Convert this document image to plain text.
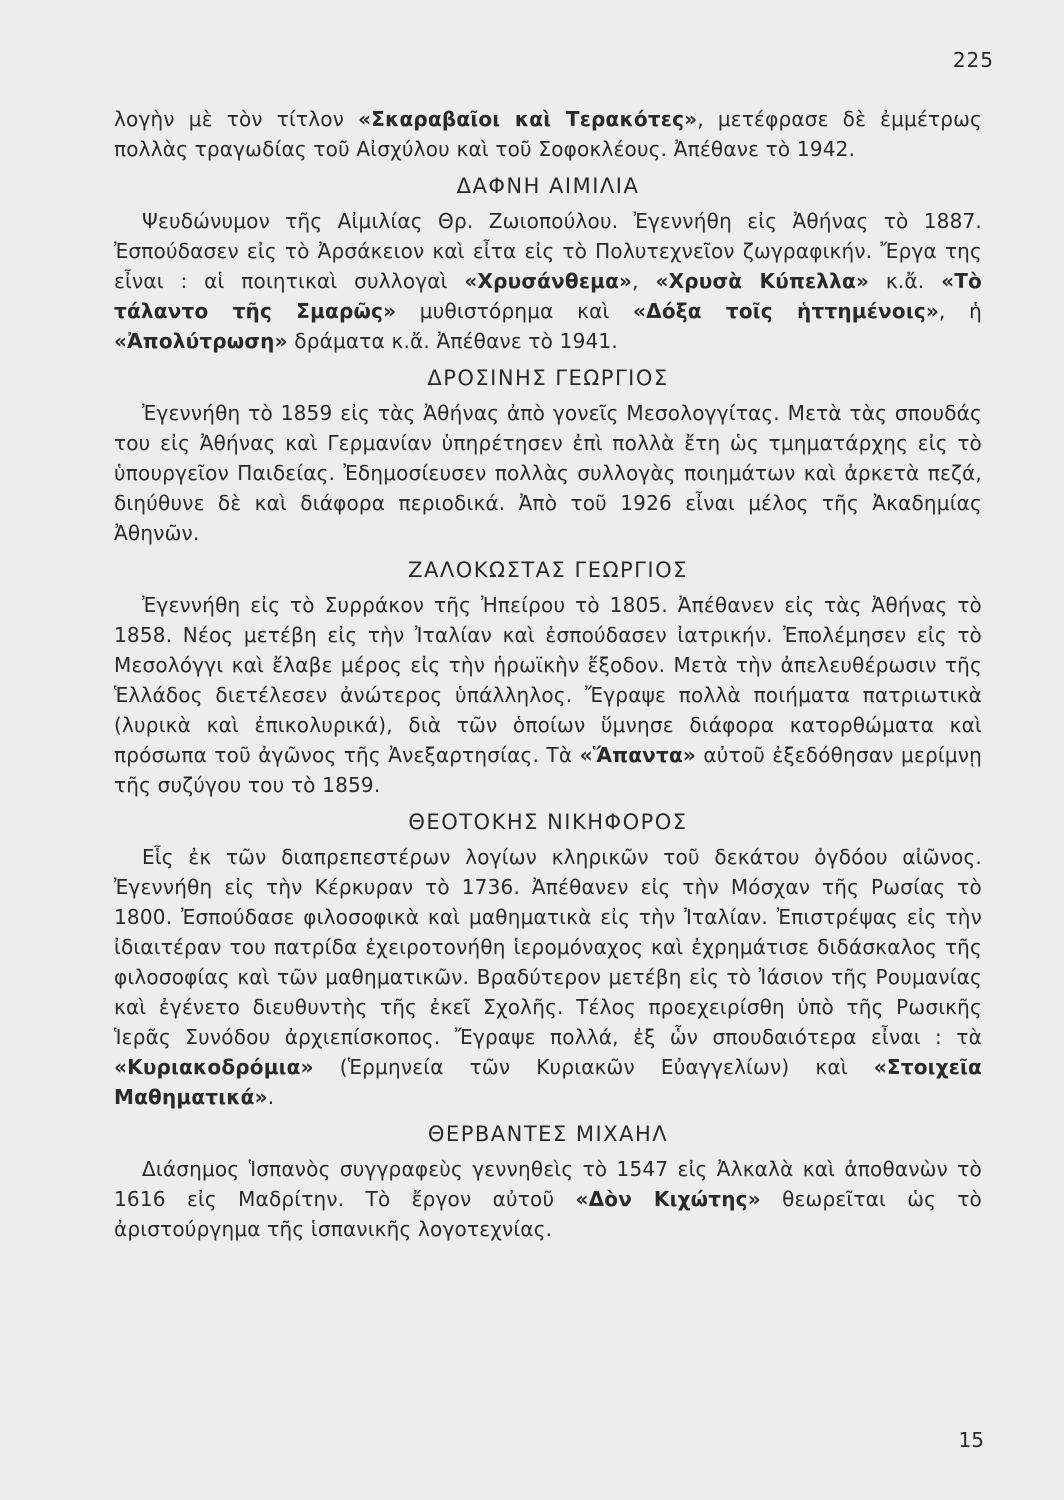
225

λογὴν μὲ τὸν τίτλον «Σκαραβαῖοι καὶ Τερακότες», μετέφρασε δὲ ἐμμέτρως πολλὰς τραγωδίας τοῦ Αἰσχύλου καὶ τοῦ Σοφοκλέους. Ἀπέθανε τὸ 1942.

ΔΑΦΝΗ ΑΙΜΙΛΙΑ

Ψευδώνυμον τῆς Αἰμιλίας Θρ. Ζωιοπούλου. Ἐγεννήθη εἰς Ἀθήνας τὸ 1887. Ἐσπούδασεν εἰς τὸ Ἀρσάκειον καὶ εἶτα εἰς τὸ Πολυτεχνεῖον ζωγραφικήν. Ἔργα της εἶναι : αἱ ποιητικαὶ συλλογαὶ «Χρυσάνθεμα», «Χρυσὰ Κύπελλα» κ.ἄ. «Τὸ τάλαντο τῆς Σμαρῶς» μυθιστόρημα καὶ «Δόξα τοῖς ἡττημένοις», ἡ «Ἀπολύτρωση» δράματα κ.ἄ. Ἀπέθανε τὸ 1941.

ΔΡΟΣΙΝΗΣ ΓΕΩΡΓΙΟΣ

Ἐγεννήθη τὸ 1859 εἰς τὰς Ἀθήνας ἀπὸ γονεῖς Μεσολογγίτας. Μετὰ τὰς σπουδάς του εἰς Ἀθήνας καὶ Γερμανίαν ὑπηρέτησεν ἐπὶ πολλὰ ἔτη ὡς τμηματάρχης εἰς τὸ ὑπουργεῖον Παιδείας. Ἐδημοσίευσεν πολλὰς συλλογὰς ποιημάτων καὶ ἀρκετὰ πεζά, διηύθυνε δὲ καὶ διάφορα περιοδικά. Ἀπὸ τοῦ 1926 εἶναι μέλος τῆς Ἀκαδημίας Ἀθηνῶν.

ΖΑΛΟΚΩΣΤΑΣ ΓΕΩΡΓΙΟΣ

Ἐγεννήθη εἰς τὸ Συρράκον τῆς Ἠπείρου τὸ 1805. Ἀπέθανεν εἰς τὰς Ἀθήνας τὸ 1858. Νέος μετέβη εἰς τὴν Ἰταλίαν καὶ ἐσπούδασεν ἰατρικήν. Ἐπολέμησεν εἰς τὸ Μεσολόγγι καὶ ἔλαβε μέρος εἰς τὴν ἡρωϊκὴν ἔξοδον. Μετὰ τὴν ἀπελευθέρωσιν τῆς Ἑλλάδος διετέλεσεν ἀνώτερος ὑπάλληλος. Ἔγραψε πολλὰ ποιήματα πατριωτικὰ (λυρικὰ καὶ ἐπικολυρικά), διὰ τῶν ὁποίων ὕμνησε διάφορα κατορθώματα καὶ πρόσωπα τοῦ ἀγῶνος τῆς Ἀνεξαρτησίας. Τὰ «Ἅπαντα» αὐτοῦ ἐξεδόθησαν μερίμνῃ τῆς συζύγου του τὸ 1859.

ΘΕΟΤΟΚΗΣ ΝΙΚΗΦΟΡΟΣ

Εἷς ἐκ τῶν διαπρεπεστέρων λογίων κληρικῶν τοῦ δεκάτου ὀγδόου αἰῶνος. Ἐγεννήθη εἰς τὴν Κέρκυραν τὸ 1736. Ἀπέθανεν εἰς τὴν Μόσχαν τῆς Ρωσίας τὸ 1800. Ἐσπούδασε φιλοσοφικὰ καὶ μαθηματικὰ εἰς τὴν Ἰταλίαν. Ἐπιστρέψας εἰς τὴν ἰδιαιτέραν του πατρίδα ἐχειροτονήθη ἱερομόναχος καὶ ἐχρημάτισε διδάσκαλος τῆς φιλοσοφίας καὶ τῶν μαθηματικῶν. Βραδύτερον μετέβη εἰς τὸ Ἰάσιον τῆς Ρουμανίας καὶ ἐγένετο διευθυντὴς τῆς ἐκεῖ Σχολῆς. Τέλος προεχειρίσθη ὑπὸ τῆς Ρωσικῆς Ἱερᾶς Συνόδου ἀρχιεπίσκοπος. Ἔγραψε πολλά, ἐξ ὧν σπουδαιότερα εἶναι : τὰ «Κυριακοδρόμια» (Ἑρμηνεία τῶν Κυριακῶν Εὐαγγελίων) καὶ «Στοιχεῖα Μαθηματικά».

ΘΕΡΒΑΝΤΕΣ ΜΙΧΑΗΛ

Διάσημος Ἱσπανὸς συγγραφεὺς γεννηθεὶς τὸ 1547 εἰς Ἀλκαλὰ καὶ ἀποθανὼν τὸ 1616 εἰς Μαδρίτην. Τὸ ἔργον αὐτοῦ «Δὸν Κιχώτης» θεωρεῖται ὡς τὸ ἀριστούργημα τῆς ἱσπανικῆς λογοτεχνίας.

15
